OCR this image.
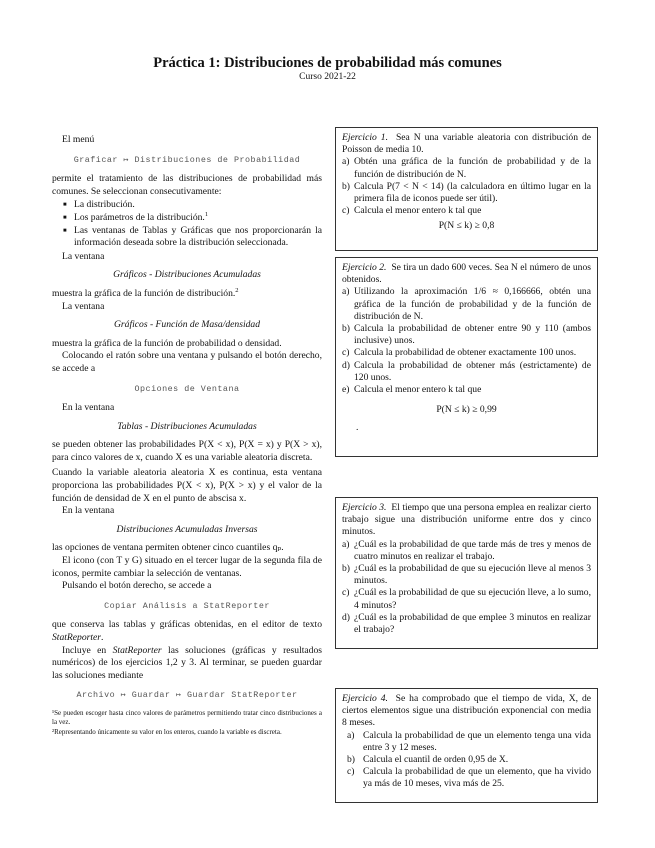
Práctica 1: Distribuciones de probabilidad más comunes
Curso 2021-22

El menú

Graficar ↦ Distribuciones de Probabilidad

permite el tratamiento de las distribuciones de probabilidad más comunes. Se seleccionan consecutivamente:

■ La distribución.
■ Los parámetros de la distribución.$^1$
■ Las ventanas de Tablas y Gráficas que nos proporcionarán la información deseada sobre la distribución seleccionada.

La ventana

Gráficos - Distribuciones Acumuladas

muestra la gráfica de la función de distribución.$^2$

La ventana

Gráficos - Función de Masa/densidad

muestra la gráfica de la función de probabilidad o densidad.

Colocando el ratón sobre una ventana y pulsando el botón derecho, se accede a

Opciones de Ventana

En la ventana

Tablas - Distribuciones Acumuladas

se pueden obtener las probabilidades P(X < x), P(X = x) y P(X > x), para cinco valores de x, cuando X es una variable aleatoria discreta.

Cuando la variable aleatoria aleatoria X es continua, esta ventana proporciona las probabilidades P(X < x), P(X > x) y el valor de la función de densidad de X en el punto de abscisa x.

En la ventana

Distribuciones Acumuladas Inversas

las opciones de ventana permiten obtener cinco cuantiles qₚ.

El icono (con T y G) situado en el tercer lugar de la segunda fila de iconos, permite cambiar la selección de ventanas.

Pulsando el botón derecho, se accede a

Copiar Análisis a StatReporter

que conserva las tablas y gráficas obtenidas, en el editor de texto StatReporter.

Incluye en StatReporter las soluciones (gráficas y resultados numéricos) de los ejercicios 1,2 y 3. Al terminar, se pueden guardar las soluciones mediante

Archivo ↦ Guardar ↦ Guardar StatReporter

¹Se pueden escoger hasta cinco valores de parámetros permitiendo tratar cinco distribuciones a la vez.

²Representando únicamente su valor en los enteros, cuando la variable es discreta.

Ejercicio 1. Sea N una variable aleatoria con distribución de Poisson de media 10.

a) Obtén una gráfica de la función de probabilidad y de la función de distribución de N.
b) Calcula P(7 < N < 14) (la calculadora en último lugar en la primera fila de iconos puede ser útil).
c) Calcula el menor entero k tal que

P(N ≤ k) ≥ 0,8

Ejercicio 2. Se tira un dado 600 veces. Sea N el número de unos obtenidos.

a) Utilizando la aproximación 1/6 ≈ 0,166666, obtén una gráfica de la función de probabilidad y de la función de distribución de N.
b) Calcula la probabilidad de obtener entre 90 y 110 (ambos inclusive) unos.
c) Calcula la probabilidad de obtener exactamente 100 unos.
d) Calcula la probabilidad de obtener más (estrictamente) de 120 unos.
e) Calcula el menor entero k tal que

P(N ≤ k) ≥ 0,99

.

Ejercicio 3. El tiempo que una persona emplea en realizar cierto trabajo sigue una distribución uniforme entre dos y cinco minutos.

a) ¿Cuál es la probabilidad de que tarde más de tres y menos de cuatro minutos en realizar el trabajo.
b) ¿Cuál es la probabilidad de que su ejecución lleve al menos 3 minutos.
c) ¿Cuál es la probabilidad de que su ejecución lleve, a lo sumo, 4 minutos?
d) ¿Cuál es la probabilidad de que emplee 3 minutos en realizar el trabajo?

Ejercicio 4. Se ha comprobado que el tiempo de vida, X, de ciertos elementos sigue una distribución exponencial con media 8 meses.

a) Calcula la probabilidad de que un elemento tenga una vida entre 3 y 12 meses.
b) Calcula el cuantil de orden 0,95 de X.
c) Calcula la probabilidad de que un elemento, que ha vivido ya más de 10 meses, viva más de 25.
